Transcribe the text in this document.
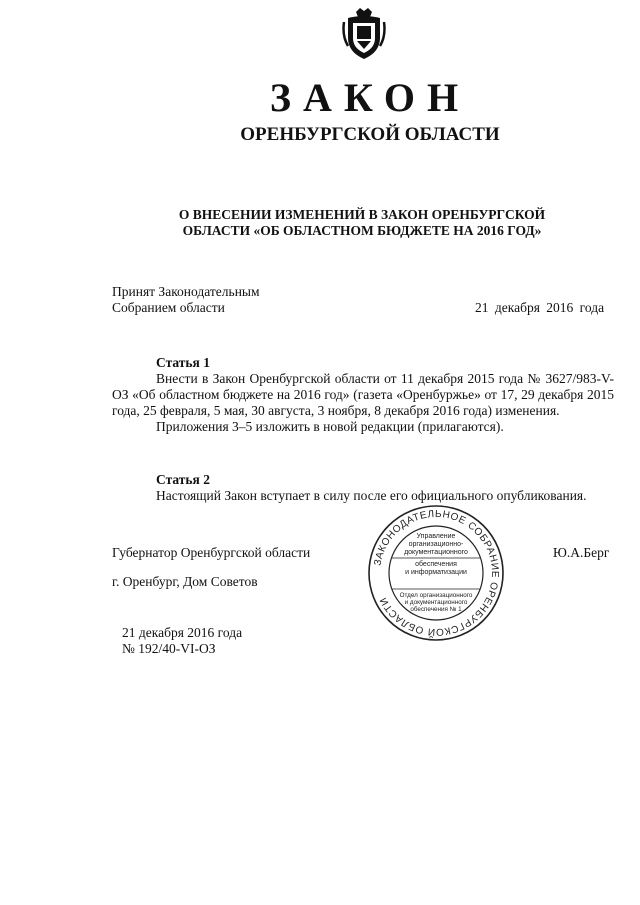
ЗАКОН
ОРЕНБУРГСКОЙ ОБЛАСТИ
О ВНЕСЕНИИ ИЗМЕНЕНИЙ В ЗАКОН ОРЕНБУРГСКОЙ
ОБЛАСТИ «ОБ ОБЛАСТНОМ БЮДЖЕТЕ НА 2016 ГОД»
Принят Законодательным
Собранием области	21 декабря 2016 года
Статья 1

Внести в Закон Оренбургской области от 11 декабря 2015 года № 3627/983-V-ОЗ «Об областном бюджете на 2016 год» (газета «Оренбуржье» от 17, 29 декабря 2015 года, 25 февраля, 5 мая, 30 августа, 3 ноября, 8 декабря 2016 года) изменения.

Приложения 3–5 изложить в новой редакции (прилагаются).

Статья 2

Настоящий Закон вступает в силу после его официального опубликования.

Губернатор Оренбургской области	Ю.А.Берг
г. Оренбург, Дом Советов
21 декабря 2016 года
№ 192/40-VI-ОЗ
ЗАКОНОДАТЕЛЬНОЕ СОБРАНИЕ ОРЕНБУРГСКОЙ ОБЛАСТИ
Управление
организационно-
документационного
обеспечения
и информатизации
Отдел организационного
и документационного
обеспечения № 1
